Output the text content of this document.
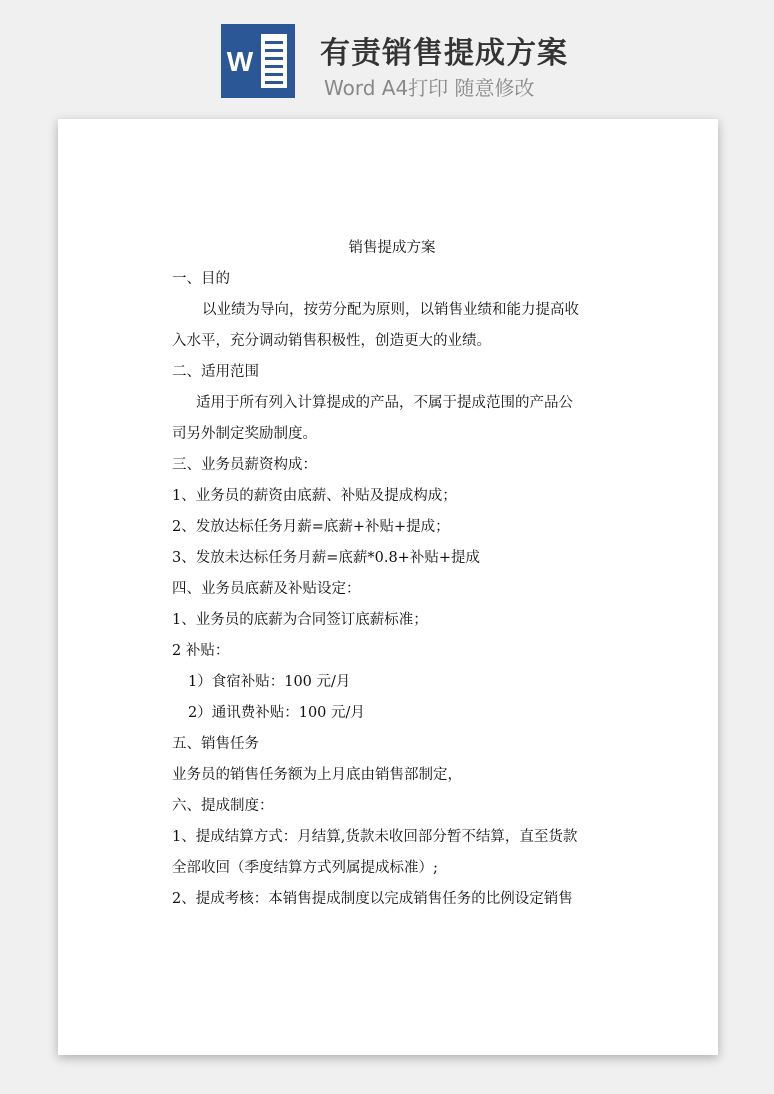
W 有责销售提成方案
Word A4打印 随意修改

销售提成方案

一、目的

以业绩为导向，按劳分配为原则，以销售业绩和能力提高收

入水平，充分调动销售积极性，创造更大的业绩。

二、适用范围

适用于所有列入计算提成的产品，不属于提成范围的产品公

司另外制定奖励制度。

三、业务员薪资构成：

1、业务员的薪资由底薪、补贴及提成构成；

2、发放达标任务月薪=底薪+补贴+提成；

3、发放未达标任务月薪=底薪*0.8+补贴+提成

四、业务员底薪及补贴设定：

1、业务员的底薪为合同签订底薪标准；

2 补贴：

1）食宿补贴：100 元/月

2）通讯费补贴：100 元/月

五、销售任务

业务员的销售任务额为上月底由销售部制定，

六、提成制度：

1、提成结算方式：月结算,货款未收回部分暂不结算，直至货款

全部收回（季度结算方式列属提成标准）;

2、提成考核：本销售提成制度以完成销售任务的比例设定销售
